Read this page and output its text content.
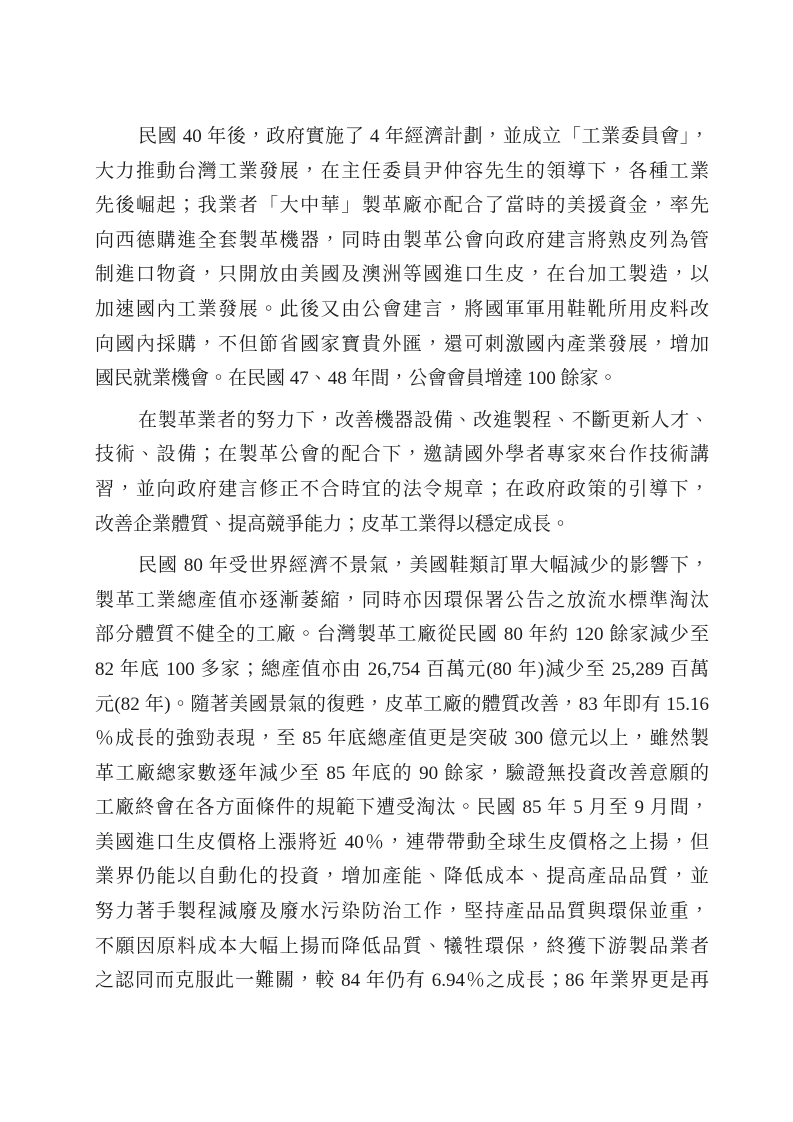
民國 40 年後，政府實施了 4 年經濟計劃，並成立「工業委員會」，
大力推動台灣工業發展，在主任委員尹仲容先生的領導下，各種工業
先後崛起；我業者「大中華」製革廠亦配合了當時的美援資金，率先
向西德購進全套製革機器，同時由製革公會向政府建言將熟皮列為管
制進口物資，只開放由美國及澳洲等國進口生皮，在台加工製造，以
加速國內工業發展。此後又由公會建言，將國軍軍用鞋靴所用皮料改
向國內採購，不但節省國家寶貴外匯，還可刺激國內產業發展，增加
國民就業機會。在民國 47、48 年間，公會會員增達 100 餘家。
在製革業者的努力下，改善機器設備、改進製程、不斷更新人才、
技術、設備；在製革公會的配合下，邀請國外學者專家來台作技術講
習，並向政府建言修正不合時宜的法令規章；在政府政策的引導下，
改善企業體質、提高競爭能力；皮革工業得以穩定成長。
民國 80 年受世界經濟不景氣，美國鞋類訂單大幅減少的影響下，
製革工業總產值亦逐漸萎縮，同時亦因環保署公告之放流水標準淘汰
部分體質不健全的工廠。台灣製革工廠從民國 80 年約 120 餘家減少至
82 年底 100 多家；總產值亦由 26,754 百萬元(80 年)減少至 25,289 百萬
元(82 年)。隨著美國景氣的復甦，皮革工廠的體質改善，83 年即有 15.16
％成長的強勁表現，至 85 年底總產值更是突破 300 億元以上，雖然製
革工廠總家數逐年減少至 85 年底的 90 餘家，驗證無投資改善意願的
工廠終會在各方面條件的規範下遭受淘汰。民國 85 年 5 月至 9 月間，
美國進口生皮價格上漲將近 40％，連帶帶動全球生皮價格之上揚，但
業界仍能以自動化的投資，增加產能、降低成本、提高產品品質，並
努力著手製程減廢及廢水污染防治工作，堅持產品品質與環保並重，
不願因原料成本大幅上揚而降低品質、犧牲環保，終獲下游製品業者
之認同而克服此一難關，較 84 年仍有 6.94％之成長；86 年業界更是再
